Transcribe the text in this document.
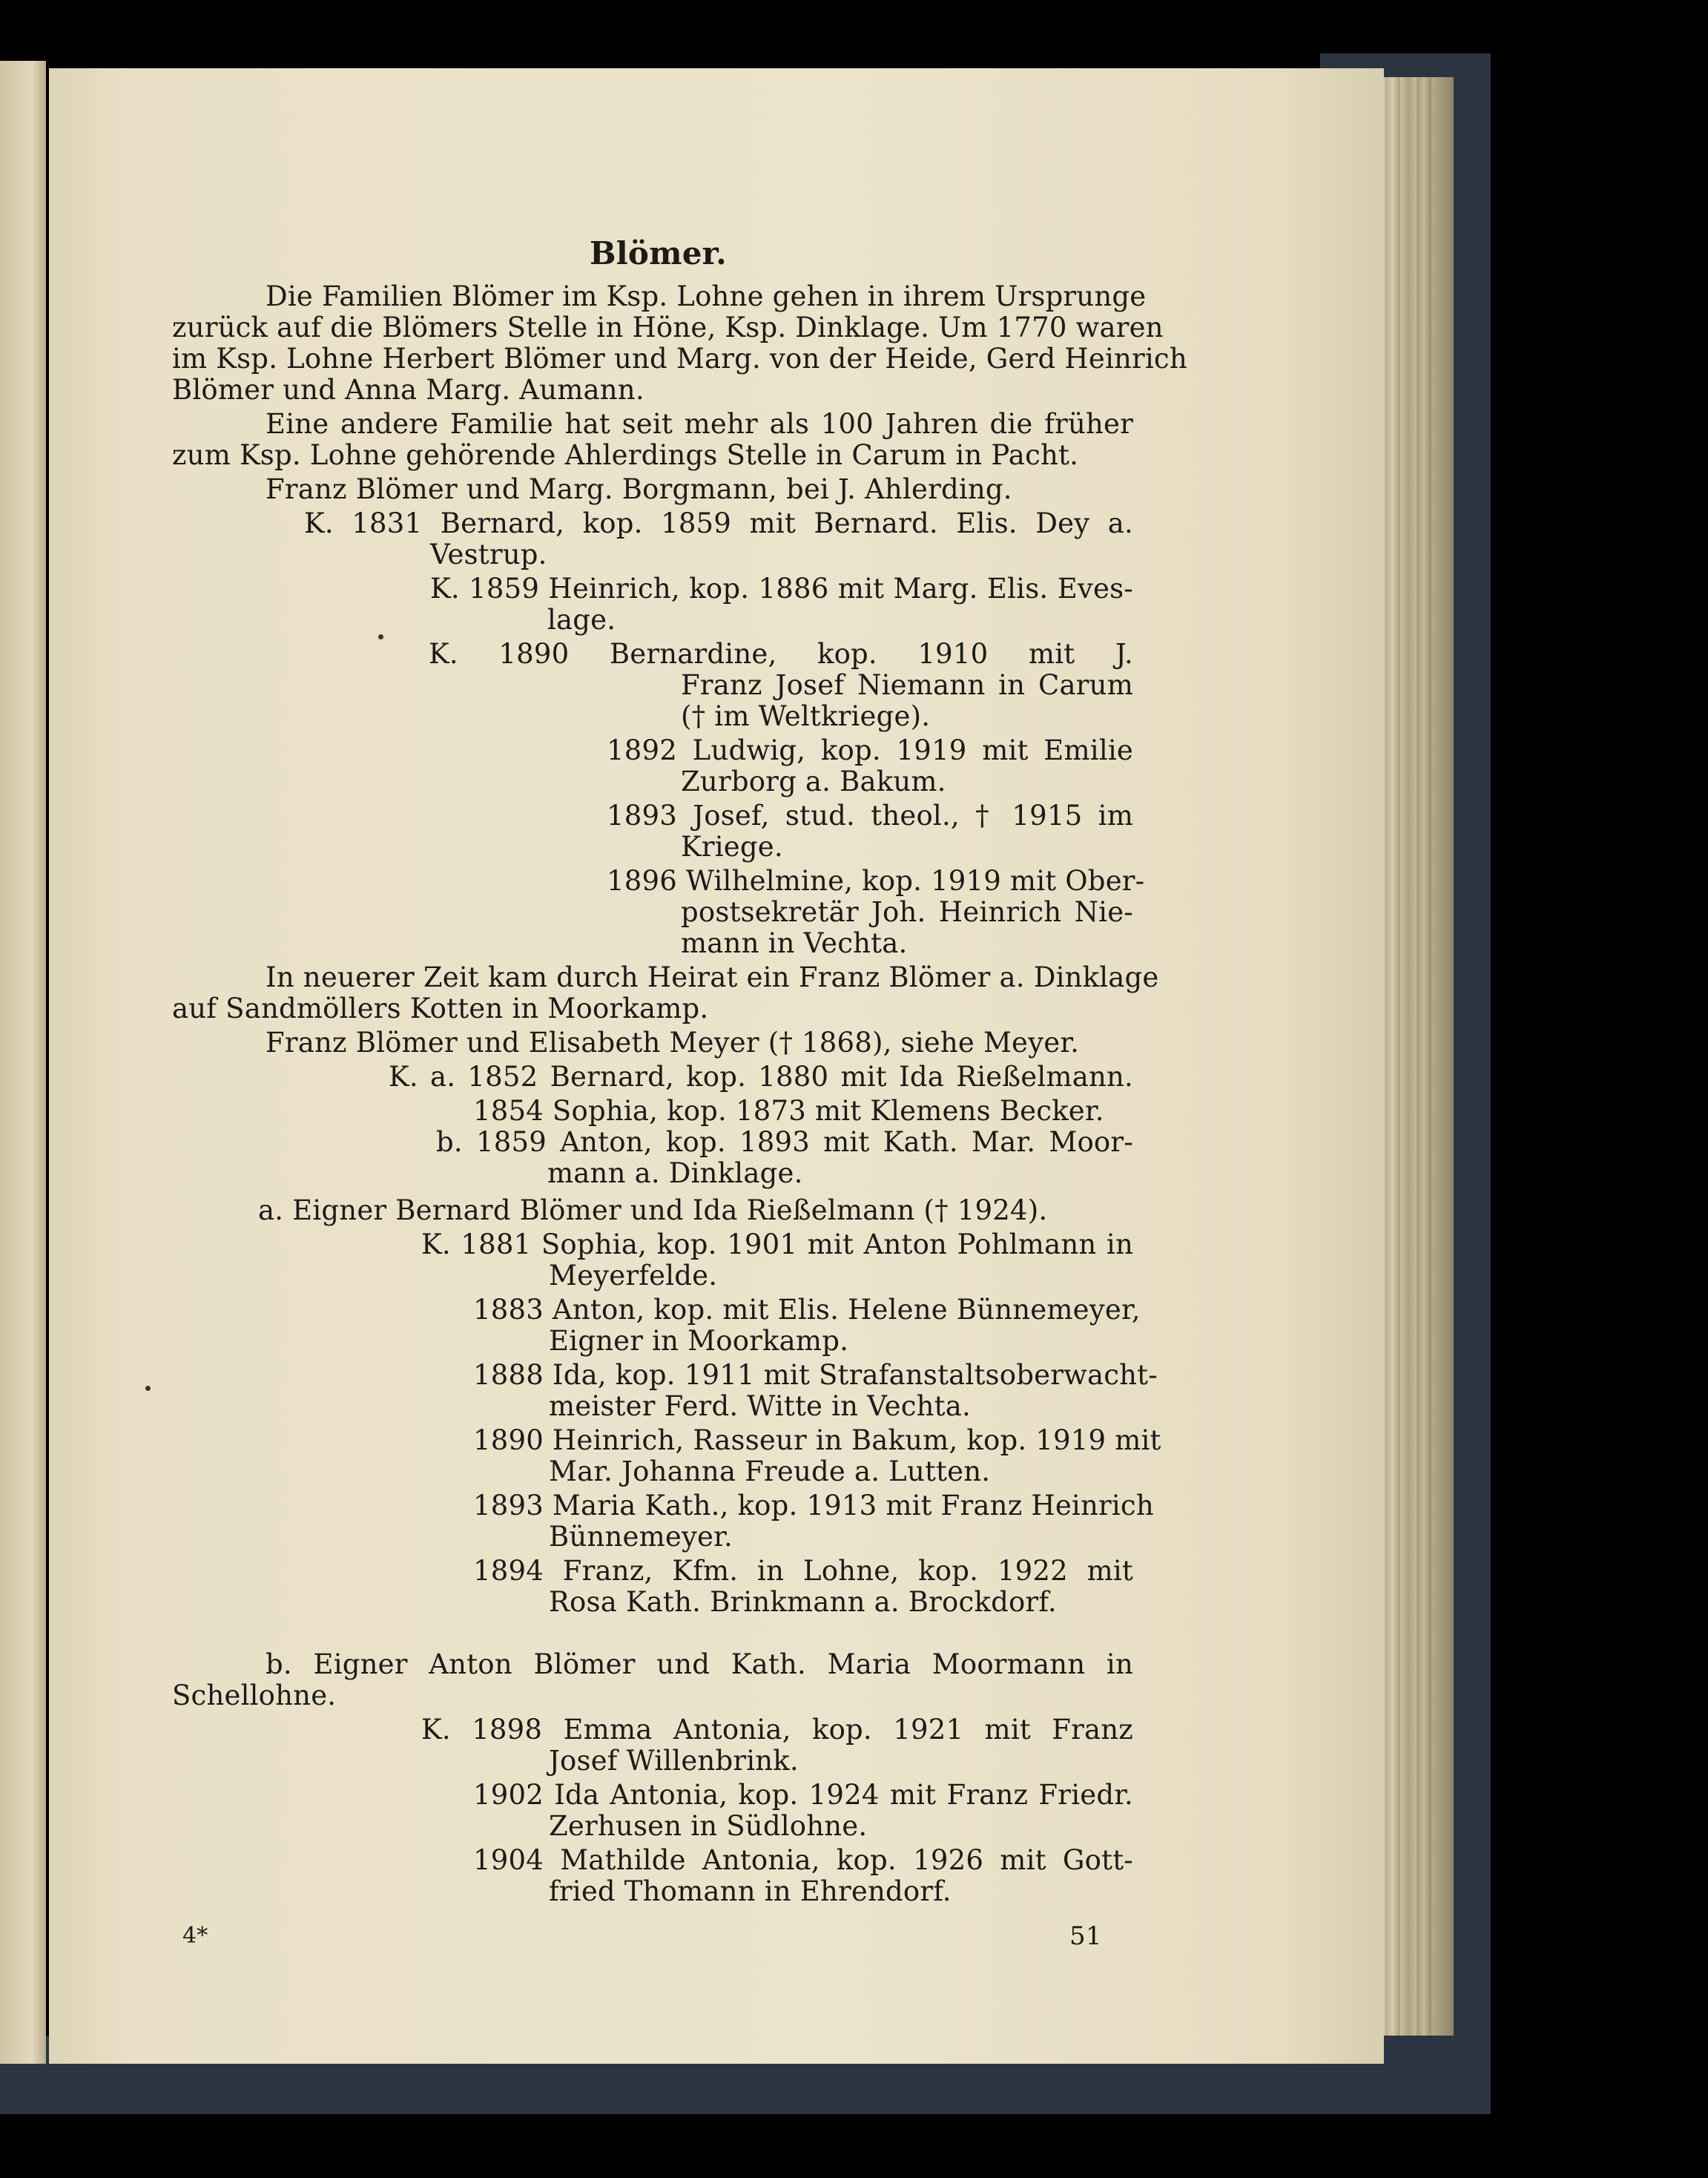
Blömer.
Die Familien Blömer im Ksp. Lohne gehen in ihrem Ursprunge
zurück auf die Blömers Stelle in Höne, Ksp. Dinklage. Um 1770 waren
im Ksp. Lohne Herbert Blömer und Marg. von der Heide, Gerd Heinrich
Blömer und Anna Marg. Aumann.
Eine andere Familie hat seit mehr als 100 Jahren die früher
zum Ksp. Lohne gehörende Ahlerdings Stelle in Carum in Pacht.
Franz Blömer und Marg. Borgmann, bei J. Ahlerding.
K. 1831 Bernard, kop. 1859 mit Bernard. Elis. Dey a.
Vestrup.
K. 1859 Heinrich, kop. 1886 mit Marg. Elis. Eves-
lage.
K. 1890 Bernardine, kop. 1910 mit J.
Franz Josef Niemann in Carum
(† im Weltkriege).
1892 Ludwig, kop. 1919 mit Emilie
Zurborg a. Bakum.
1893 Josef, stud. theol., † 1915 im
Kriege.
1896 Wilhelmine, kop. 1919 mit Ober-
postsekretär Joh. Heinrich Nie-
mann in Vechta.
In neuerer Zeit kam durch Heirat ein Franz Blömer a. Dinklage
auf Sandmöllers Kotten in Moorkamp.
Franz Blömer und Elisabeth Meyer († 1868), siehe Meyer.
K. a. 1852 Bernard, kop. 1880 mit Ida Rießelmann.
1854 Sophia, kop. 1873 mit Klemens Becker.
b. 1859 Anton, kop. 1893 mit Kath. Mar. Moor-
mann a. Dinklage.
a. Eigner Bernard Blömer und Ida Rießelmann († 1924).
K. 1881 Sophia, kop. 1901 mit Anton Pohlmann in
Meyerfelde.
1883 Anton, kop. mit Elis. Helene Bünnemeyer,
Eigner in Moorkamp.
1888 Ida, kop. 1911 mit Strafanstaltsoberwacht-
meister Ferd. Witte in Vechta.
1890 Heinrich, Rasseur in Bakum, kop. 1919 mit
Mar. Johanna Freude a. Lutten.
1893 Maria Kath., kop. 1913 mit Franz Heinrich
Bünnemeyer.
1894 Franz, Kfm. in Lohne, kop. 1922 mit
Rosa Kath. Brinkmann a. Brockdorf.
b. Eigner Anton Blömer und Kath. Maria Moormann in
Schellohne.
K. 1898 Emma Antonia, kop. 1921 mit Franz
Josef Willenbrink.
1902 Ida Antonia, kop. 1924 mit Franz Friedr.
Zerhusen in Südlohne.
1904 Mathilde Antonia, kop. 1926 mit Gott-
fried Thomann in Ehrendorf.
4*	51
